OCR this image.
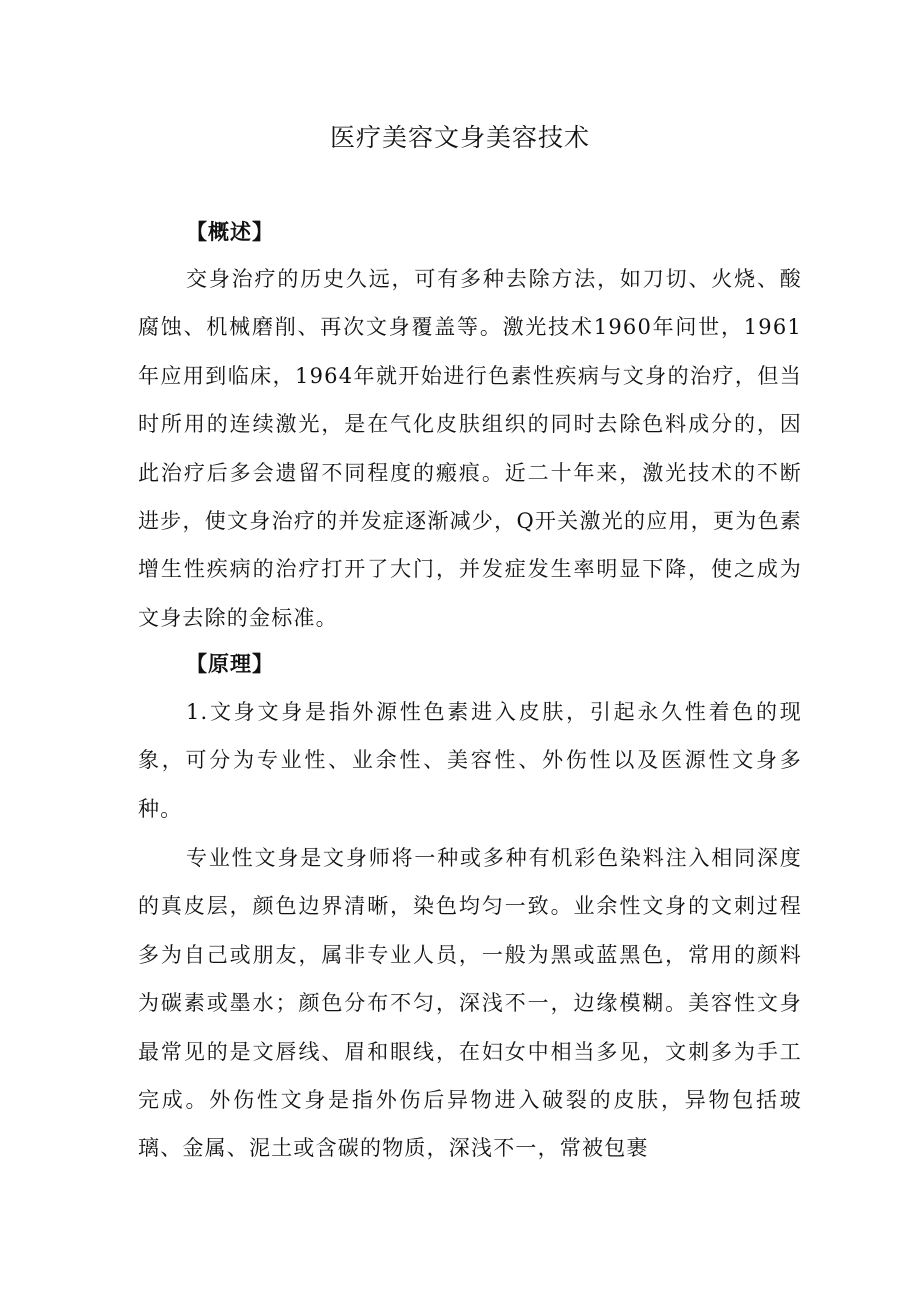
医疗美容文身美容技术
【概述】

交身治疗的历史久远，可有多种去除方法，如刀切、火烧、酸腐蚀、机械磨削、再次文身覆盖等。激光技术1960年问世，1961年应用到临床，1964年就开始进行色素性疾病与文身的治疗，但当时所用的连续激光，是在气化皮肤组织的同时去除色料成分的，因此治疗后多会遗留不同程度的瘢痕。近二十年来，激光技术的不断进步，使文身治疗的并发症逐渐减少，Q开关激光的应用，更为色素增生性疾病的治疗打开了大门，并发症发生率明显下降，使之成为文身去除的金标准。

【原理】

1.文身文身是指外源性色素进入皮肤，引起永久性着色的现象，可分为专业性、业余性、美容性、外伤性以及医源性文身多种。

专业性文身是文身师将一种或多种有机彩色染料注入相同深度的真皮层，颜色边界清晰，染色均匀一致。业余性文身的文刺过程多为自己或朋友，属非专业人员，一般为黑或蓝黑色，常用的颜料为碳素或墨水；颜色分布不匀，深浅不一，边缘模糊。美容性文身最常见的是文唇线、眉和眼线，在妇女中相当多见，文刺多为手工完成。外伤性文身是指外伤后异物进入破裂的皮肤，异物包括玻璃、金属、泥土或含碳的物质，深浅不一，常被包裹
